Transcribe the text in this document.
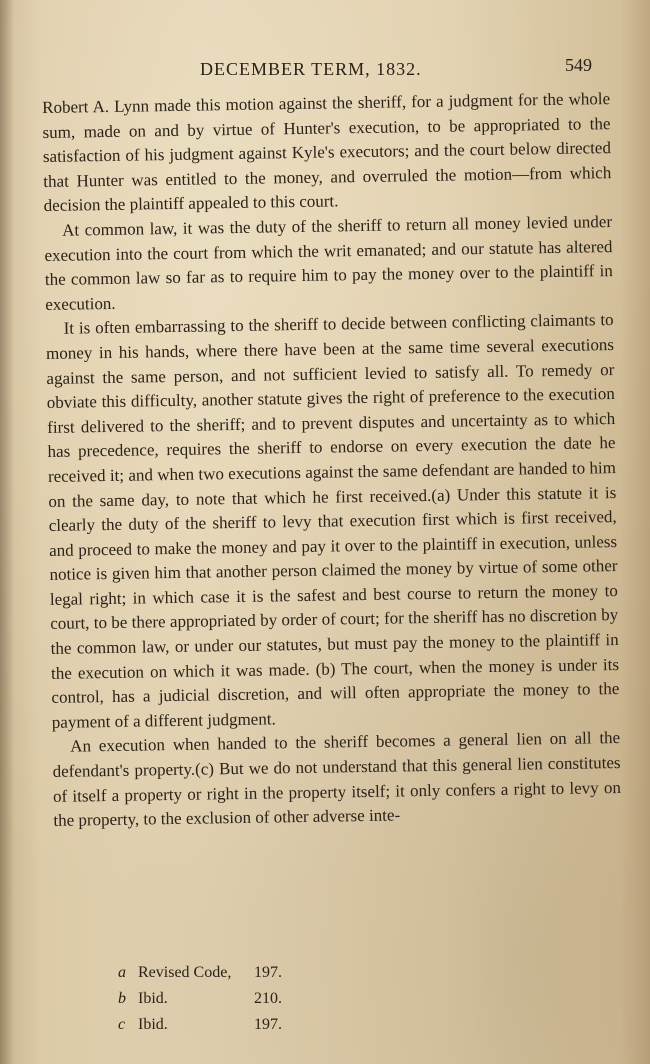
DECEMBER TERM, 1832.	549

Robert A. Lynn made this motion against the sheriff, for a judgment for the whole sum, made on and by virtue of Hunter's execution, to be appropriated to the satisfaction of his judgment against Kyle's executors; and the court below directed that Hunter was entitled to the money, and overruled the motion—from which decision the plaintiff appealed to this court.

At common law, it was the duty of the sheriff to return all money levied under execution into the court from which the writ emanated; and our statute has altered the common law so far as to require him to pay the money over to the plaintiff in execution.

It is often embarrassing to the sheriff to decide between conflicting claimants to money in his hands, where there have been at the same time several executions against the same person, and not sufficient levied to satisfy all. To remedy or obviate this difficulty, another statute gives the right of preference to the execution first delivered to the sheriff; and to prevent disputes and uncertainty as to which has precedence, requires the sheriff to endorse on every execution the date he received it; and when two executions against the same defendant are handed to him on the same day, to note that which he first received.(a) Under this statute it is clearly the duty of the sheriff to levy that execution first which is first received, and proceed to make the money and pay it over to the plaintiff in execution, unless notice is given him that another person claimed the money by virtue of some other legal right; in which case it is the safest and best course to return the money to court, to be there appropriated by order of court; for the sheriff has no discretion by the common law, or under our statutes, but must pay the money to the plaintiff in the execution on which it was made. (b) The court, when the money is under its control, has a judicial discretion, and will often appropriate the money to the payment of a different judgment.

An execution when handed to the sheriff becomes a general lien on all the defendant's property.(c) But we do not understand that this general lien constitutes of itself a property or right in the property itself; it only confers a right to levy on the property, to the exclusion of other adverse inte-

a Revised Code, 197.
b Ibid.	210.
c Ibid.	197.
